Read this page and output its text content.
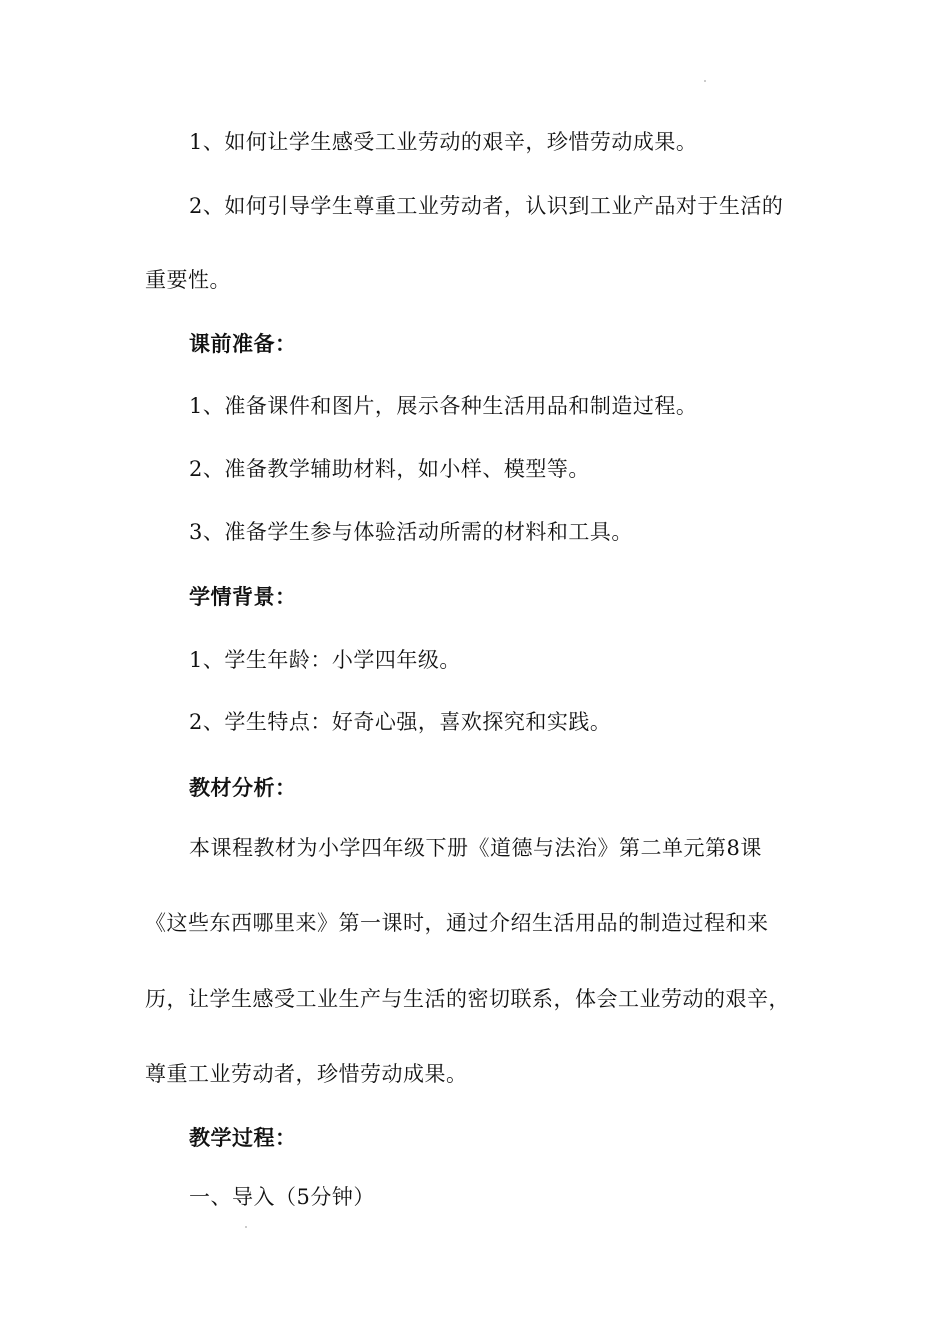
1、如何让学生感受工业劳动的艰辛，珍惜劳动成果。

2、如何引导学生尊重工业劳动者，认识到工业产品对于生活的

重要性。

课前准备：

1、准备课件和图片，展示各种生活用品和制造过程。

2、准备教学辅助材料，如小样、模型等。

3、准备学生参与体验活动所需的材料和工具。

学情背景：

1、学生年龄：小学四年级。

2、学生特点：好奇心强，喜欢探究和实践。

教材分析：

本课程教材为小学四年级下册《道德与法治》第二单元第8课

《这些东西哪里来》第一课时，通过介绍生活用品的制造过程和来

历，让学生感受工业生产与生活的密切联系，体会工业劳动的艰辛，

尊重工业劳动者，珍惜劳动成果。

教学过程：

一、导入（5分钟）
